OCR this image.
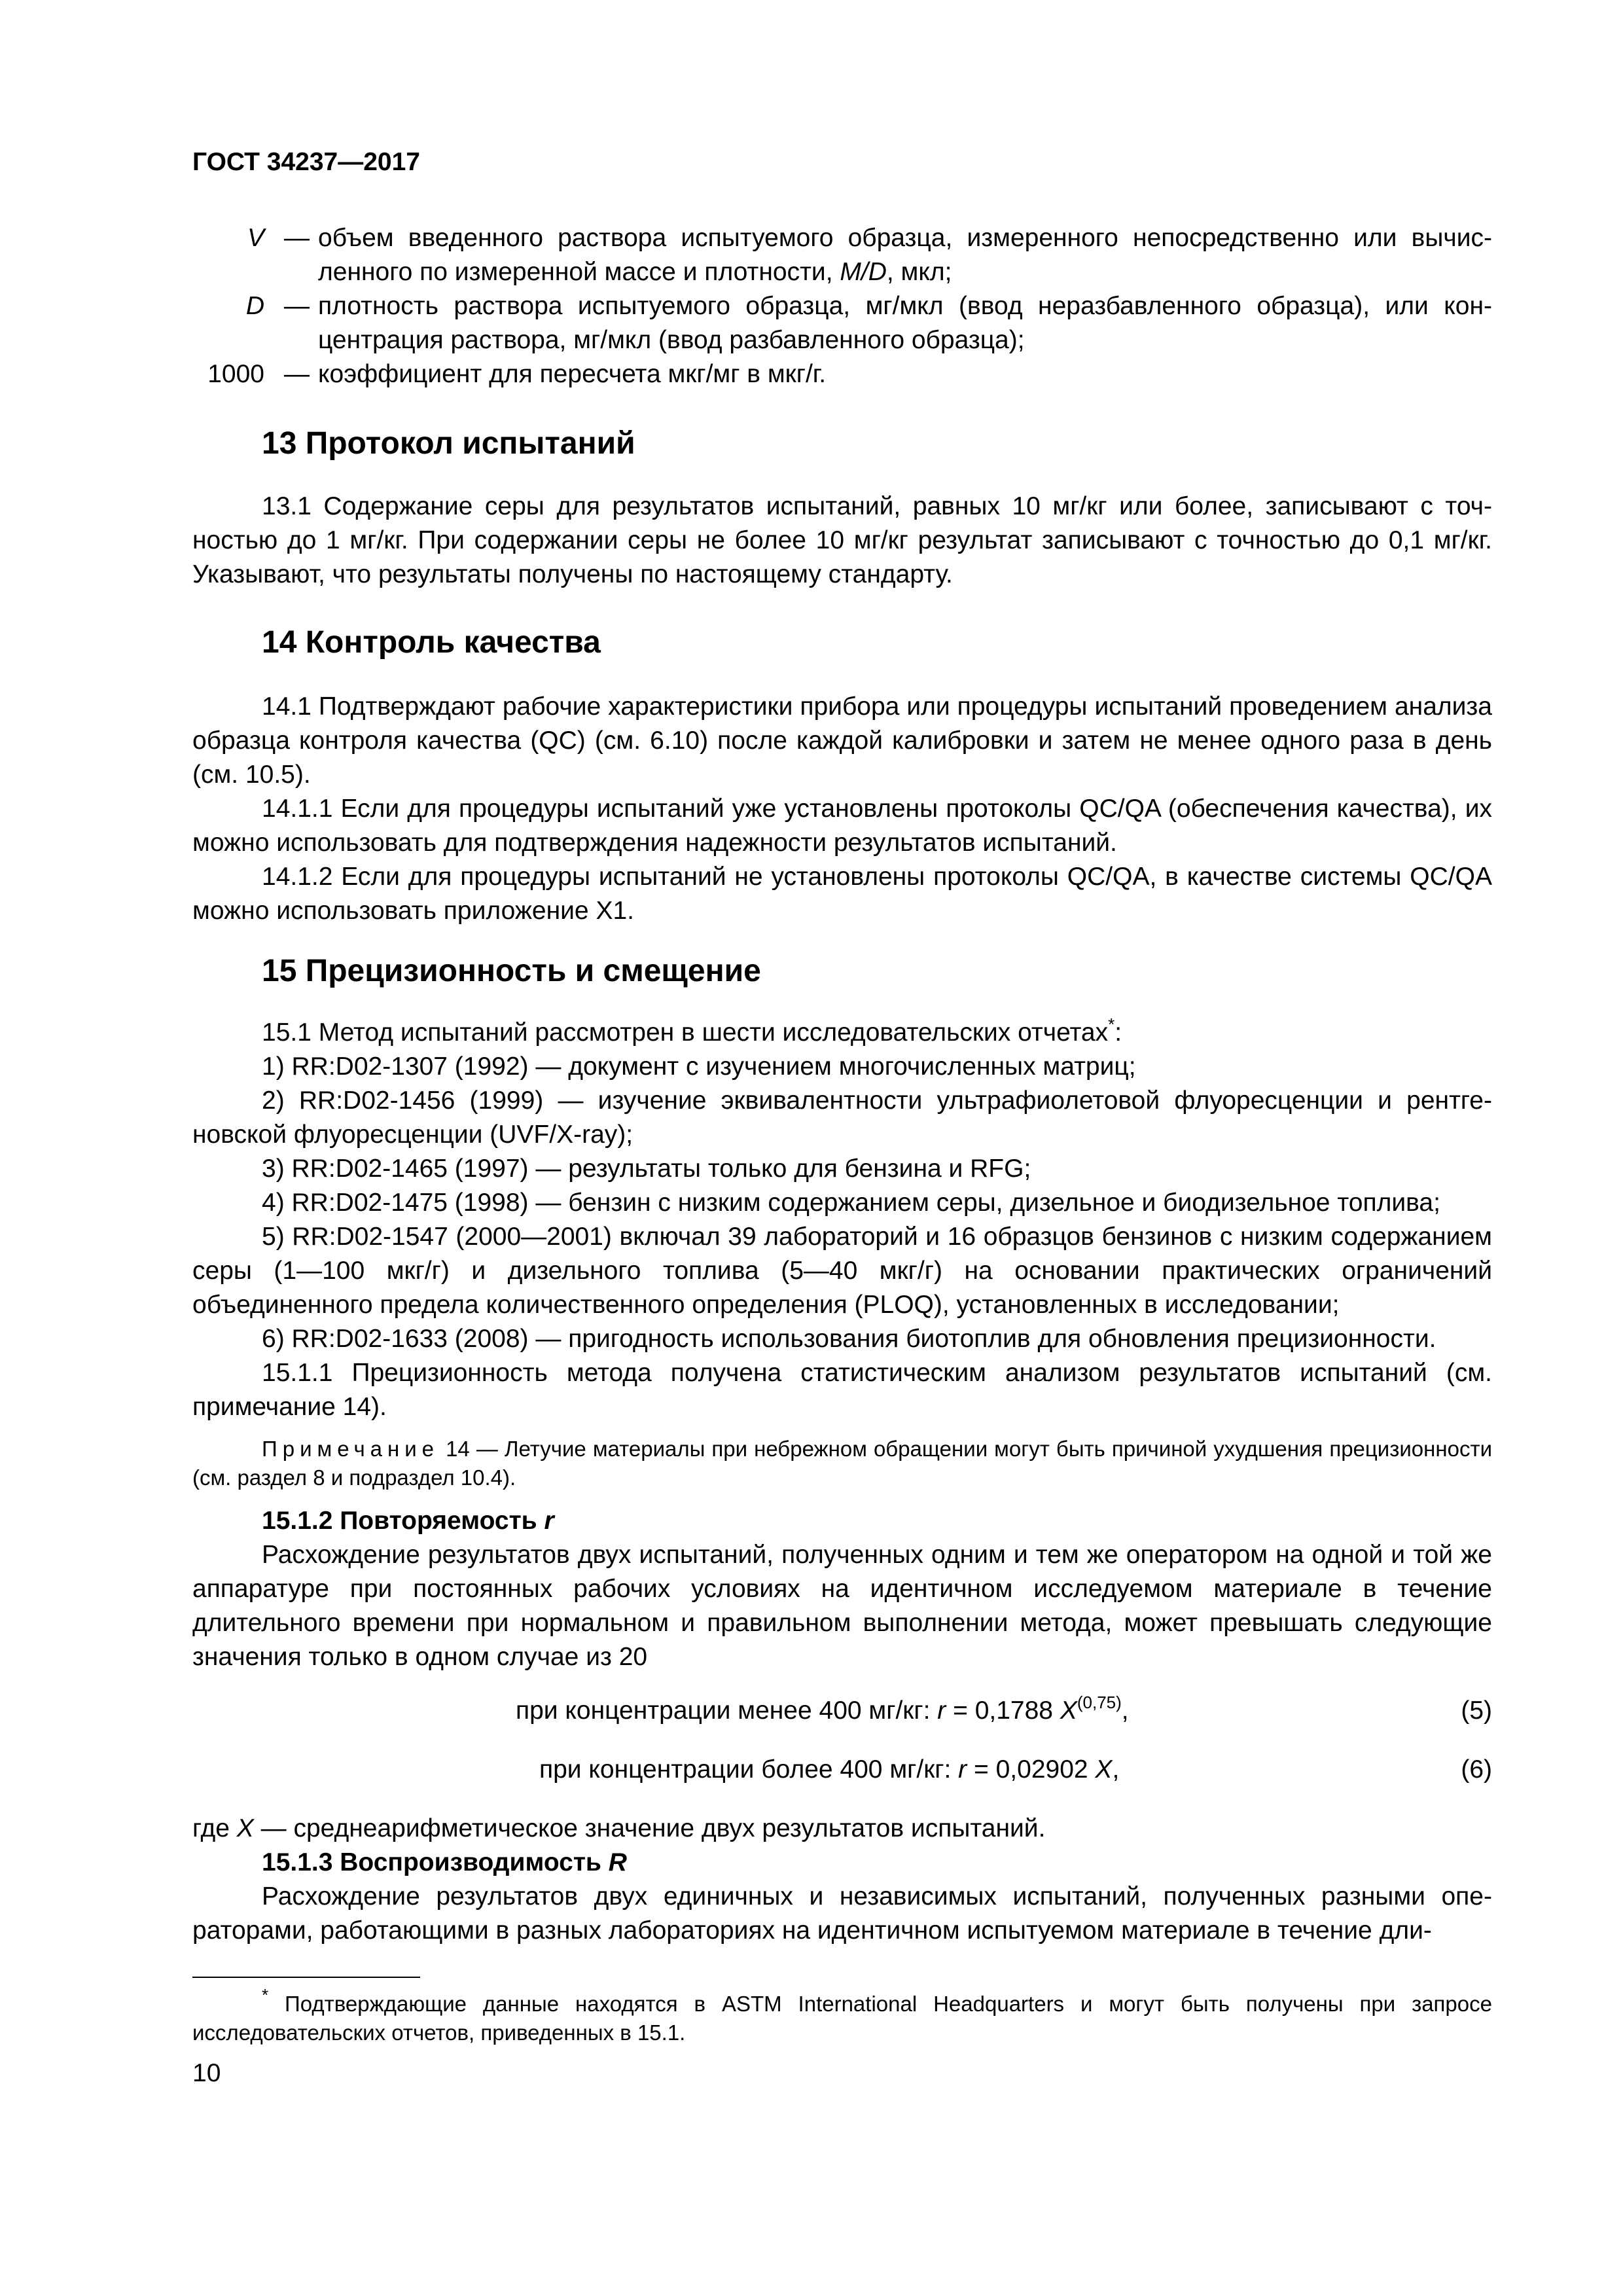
ГОСТ 34237—2017
V — объем введенного раствора испытуемого образца, измеренного непосредственно или вычисленного по измеренной массе и плотности, M/D, мкл;
D — плотность раствора испытуемого образца, мг/мкл (ввод неразбавленного образца), или концентрация раствора, мг/мкл (ввод разбавленного образца);
1000 — коэффициент для пересчета мкг/мг в мкг/г.
13 Протокол испытаний

13.1 Содержание серы для результатов испытаний, равных 10 мг/кг или более, записывают с точностью до 1 мг/кг. При содержании серы не более 10 мг/кг результат записывают с точностью до 0,1 мг/кг. Указывают, что результаты получены по настоящему стандарту.

14 Контроль качества

14.1 Подтверждают рабочие характеристики прибора или процедуры испытаний проведением анализа образца контроля качества (QC) (см. 6.10) после каждой калибровки и затем не менее одного раза в день (см. 10.5).

14.1.1 Если для процедуры испытаний уже установлены протоколы QC/QA (обеспечения качества), их можно использовать для подтверждения надежности результатов испытаний.

14.1.2 Если для процедуры испытаний не установлены протоколы QC/QA, в качестве системы QC/QA можно использовать приложение Х1.

15 Прецизионность и смещение

15.1 Метод испытаний рассмотрен в шести исследовательских отчетах*:

1) RR:D02-1307 (1992) — документ с изучением многочисленных матриц;

2) RR:D02-1456 (1999) — изучение эквивалентности ультрафиолетовой флуоресценции и рентгеновской флуоресценции (UVF/X-ray);

3) RR:D02-1465 (1997) — результаты только для бензина и RFG;

4) RR:D02-1475 (1998) — бензин с низким содержанием серы, дизельное и биодизельное топлива;

5) RR:D02-1547 (2000—2001) включал 39 лабораторий и 16 образцов бензинов с низким содержанием серы (1—100 мкг/г) и дизельного топлива (5—40 мкг/г) на основании практических ограничений объединенного предела количественного определения (PLOQ), установленных в исследовании;

6) RR:D02-1633 (2008) — пригодность использования биотоплив для обновления прецизионности.

15.1.1 Прецизионность метода получена статистическим анализом результатов испытаний (см. примечание 14).

Примечание 14 — Летучие материалы при небрежном обращении могут быть причиной ухудшения прецизионности (см. раздел 8 и подраздел 10.4).

15.1.2 Повторяемость r

Расхождение результатов двух испытаний, полученных одним и тем же оператором на одной и той же аппаратуре при постоянных рабочих условиях на идентичном исследуемом материале в течение длительного времени при нормальном и правильном выполнении метода, может превышать следующие значения только в одном случае из 20

при концентрации менее 400 мг/кг: r = 0,1788 X$^{(0,75)}$,	(5)
при концентрации более 400 мг/кг: r = 0,02902 X,	(6)

где X — среднеарифметическое значение двух результатов испытаний.

15.1.3 Воспроизводимость R

Расхождение результатов двух единичных и независимых испытаний, полученных разными операторами, работающими в разных лабораториях на идентичном испытуемом материале в течение дли-

* Подтверждающие данные находятся в ASTM International Headquarters и могут быть получены при запросе исследовательских отчетов, приведенных в 15.1.
10
